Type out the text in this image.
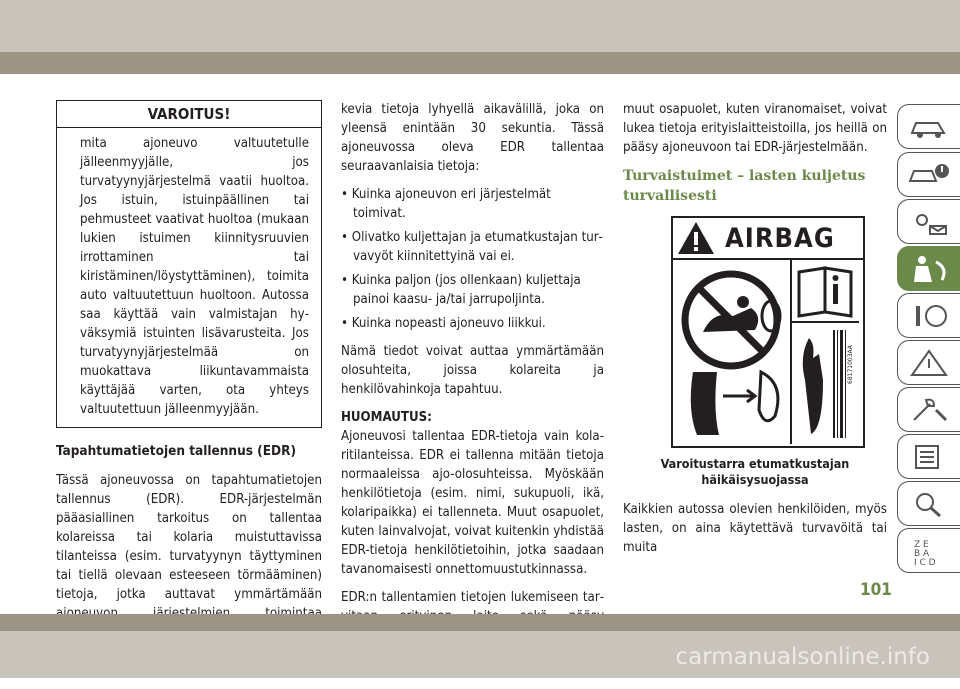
VAROITUS!
mita ajoneuvo valtuutetulle jälleenmyyjälle, jos turvatyynyjärjestelmä vaatii huoltoa. Jos istuin, istuinpäällinen tai pehmusteet vaativat huoltoa (mukaan lukien istuimen kiinnitysruuvien irrottaminen tai kiristäminen/löystyttäminen), toimita auto valtuutettuun huoltoon. Autossa saa käyttää vain valmistajan hyväksymiä istuinten lisävarusteita. Jos turvatyynyjärjestelmää on muokattava liikuntavammaista käyttäjää varten, ota yhteys valtuutettuun jälleenmyyjään.
Tapahtumatietojen tallennus (EDR)

Tässä ajoneuvossa on tapahtumatietojen tallennus (EDR). EDR-järjestelmän pääasiallinen tarkoitus on tallentaa kolareissa tai kolaria muistuttavissa tilanteissa (esim. turvatyynyn täyttyminen tai tiellä olevaan esteeseen törmääminen) tietoja, jotka auttavat ymmärtämään

kevia tietoja lyhyellä aikavälillä, joka on yleensä enintään 30 sekuntia. Tässä ajoneuvossa oleva EDR tallentaa seuraavanlaisia tietoja:

• Kuinka ajoneuvon eri järjestelmät toimivat.
• Olivatko kuljettajan ja etumatkustajan turvavyöt kiinnitettyinä vai ei.
• Kuinka paljon (jos ollenkaan) kuljettaja painoi kaasu- ja/tai jarrupoljinta.
• Kuinka nopeasti ajoneuvo liikkui.

Nämä tiedot voivat auttaa ymmärtämään olosuhteita, joissa kolareita ja henkilövahinkoja tapahtuu.

HUOMAUTUS:

Ajoneuvosi tallentaa EDR-tietoja vain kolaritilanteissa. EDR ei tallenna mitään tietoja normaaleissa ajo-olosuhteissa. Myöskään henkilötietoja (esim. nimi, sukupuoli, ikä, kolaripaikka) ei tallenneta. Muut osapuolet, kuten lainvalvojat, voivat kuitenkin yhdistää EDR-tietoja henkilötietoihin, jotka saadaan tavanomaisesti onnettomuustutkinnassa.

EDR:n tallentamien tietojen lukemiseen tar

muut osapuolet, kuten viranomaiset, voivat lukea tietoja erityislaitteistoilla, jos heillä on pääsy ajoneuvoon tai EDR-järjestelmään.

Turvaistuimet – lasten kuljetus turvallisesti
AIRBAG
68171003AA
Varoitustarra etumatkustajan häikäisysuojassa

Kaikkien autossa olevien henkilöiden, myös lasten, on aina käytettävä turvavöitä tai muita	Z E
B A
I C D
101
carmanualsonline.info
